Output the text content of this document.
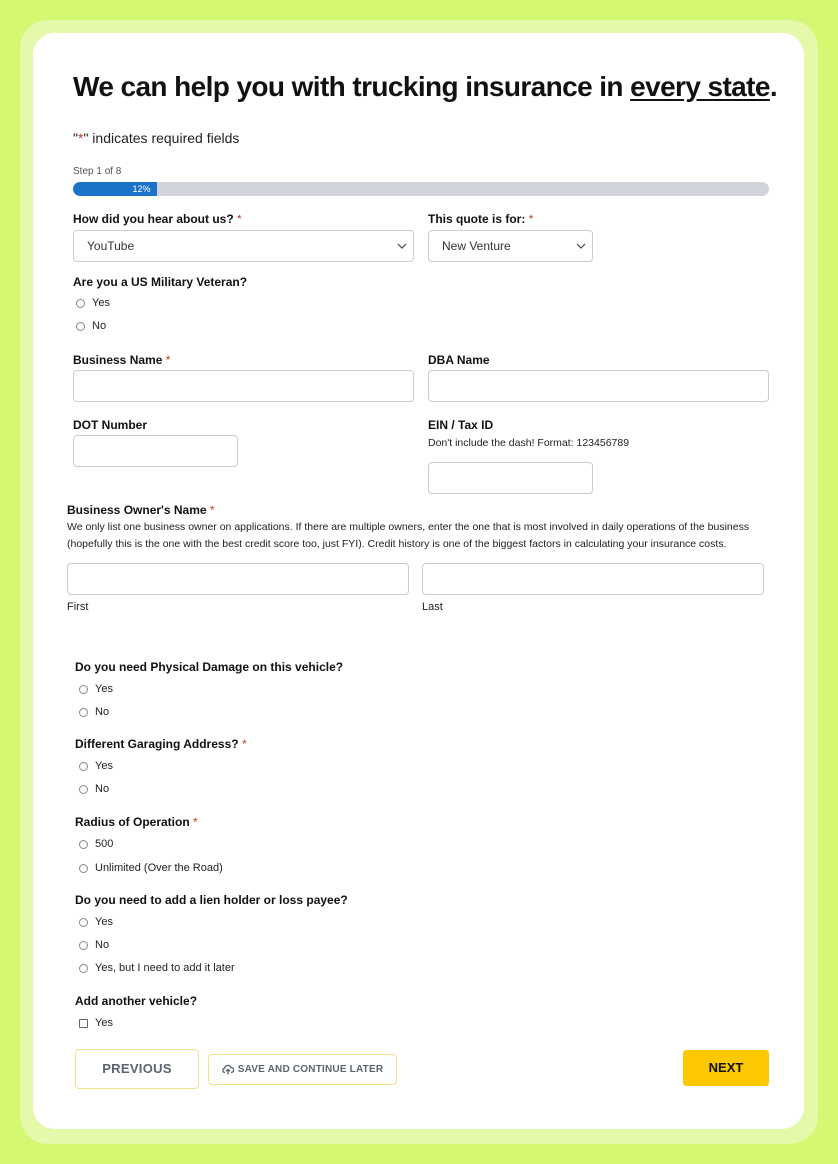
We can help you with trucking insurance in every state.
"*" indicates required fields
Step 1 of 8
12%
How did you hear about us? *
YouTube
This quote is for: *
New Venture
Are you a US Military Veteran?
Yes
No
Business Name *	DBA Name
DOT Number	EIN / Tax ID
Don't include the dash! Format: 123456789
Business Owner's Name *
We only list one business owner on applications. If there are multiple owners, enter the one that is most involved in daily operations of the business (hopefully this is the one with the best credit score too, just FYI). Credit history is one of the biggest factors in calculating your insurance costs.
First	Last
Do you need Physical Damage on this vehicle?
Yes
No
Different Garaging Address? *
Yes
No
Radius of Operation *
500
Unlimited (Over the Road)
Do you need to add a lien holder or loss payee?
Yes
No
Yes, but I need to add it later
Add another vehicle?
Yes
PREVIOUS	SAVE AND CONTINUE LATER	NEXT
